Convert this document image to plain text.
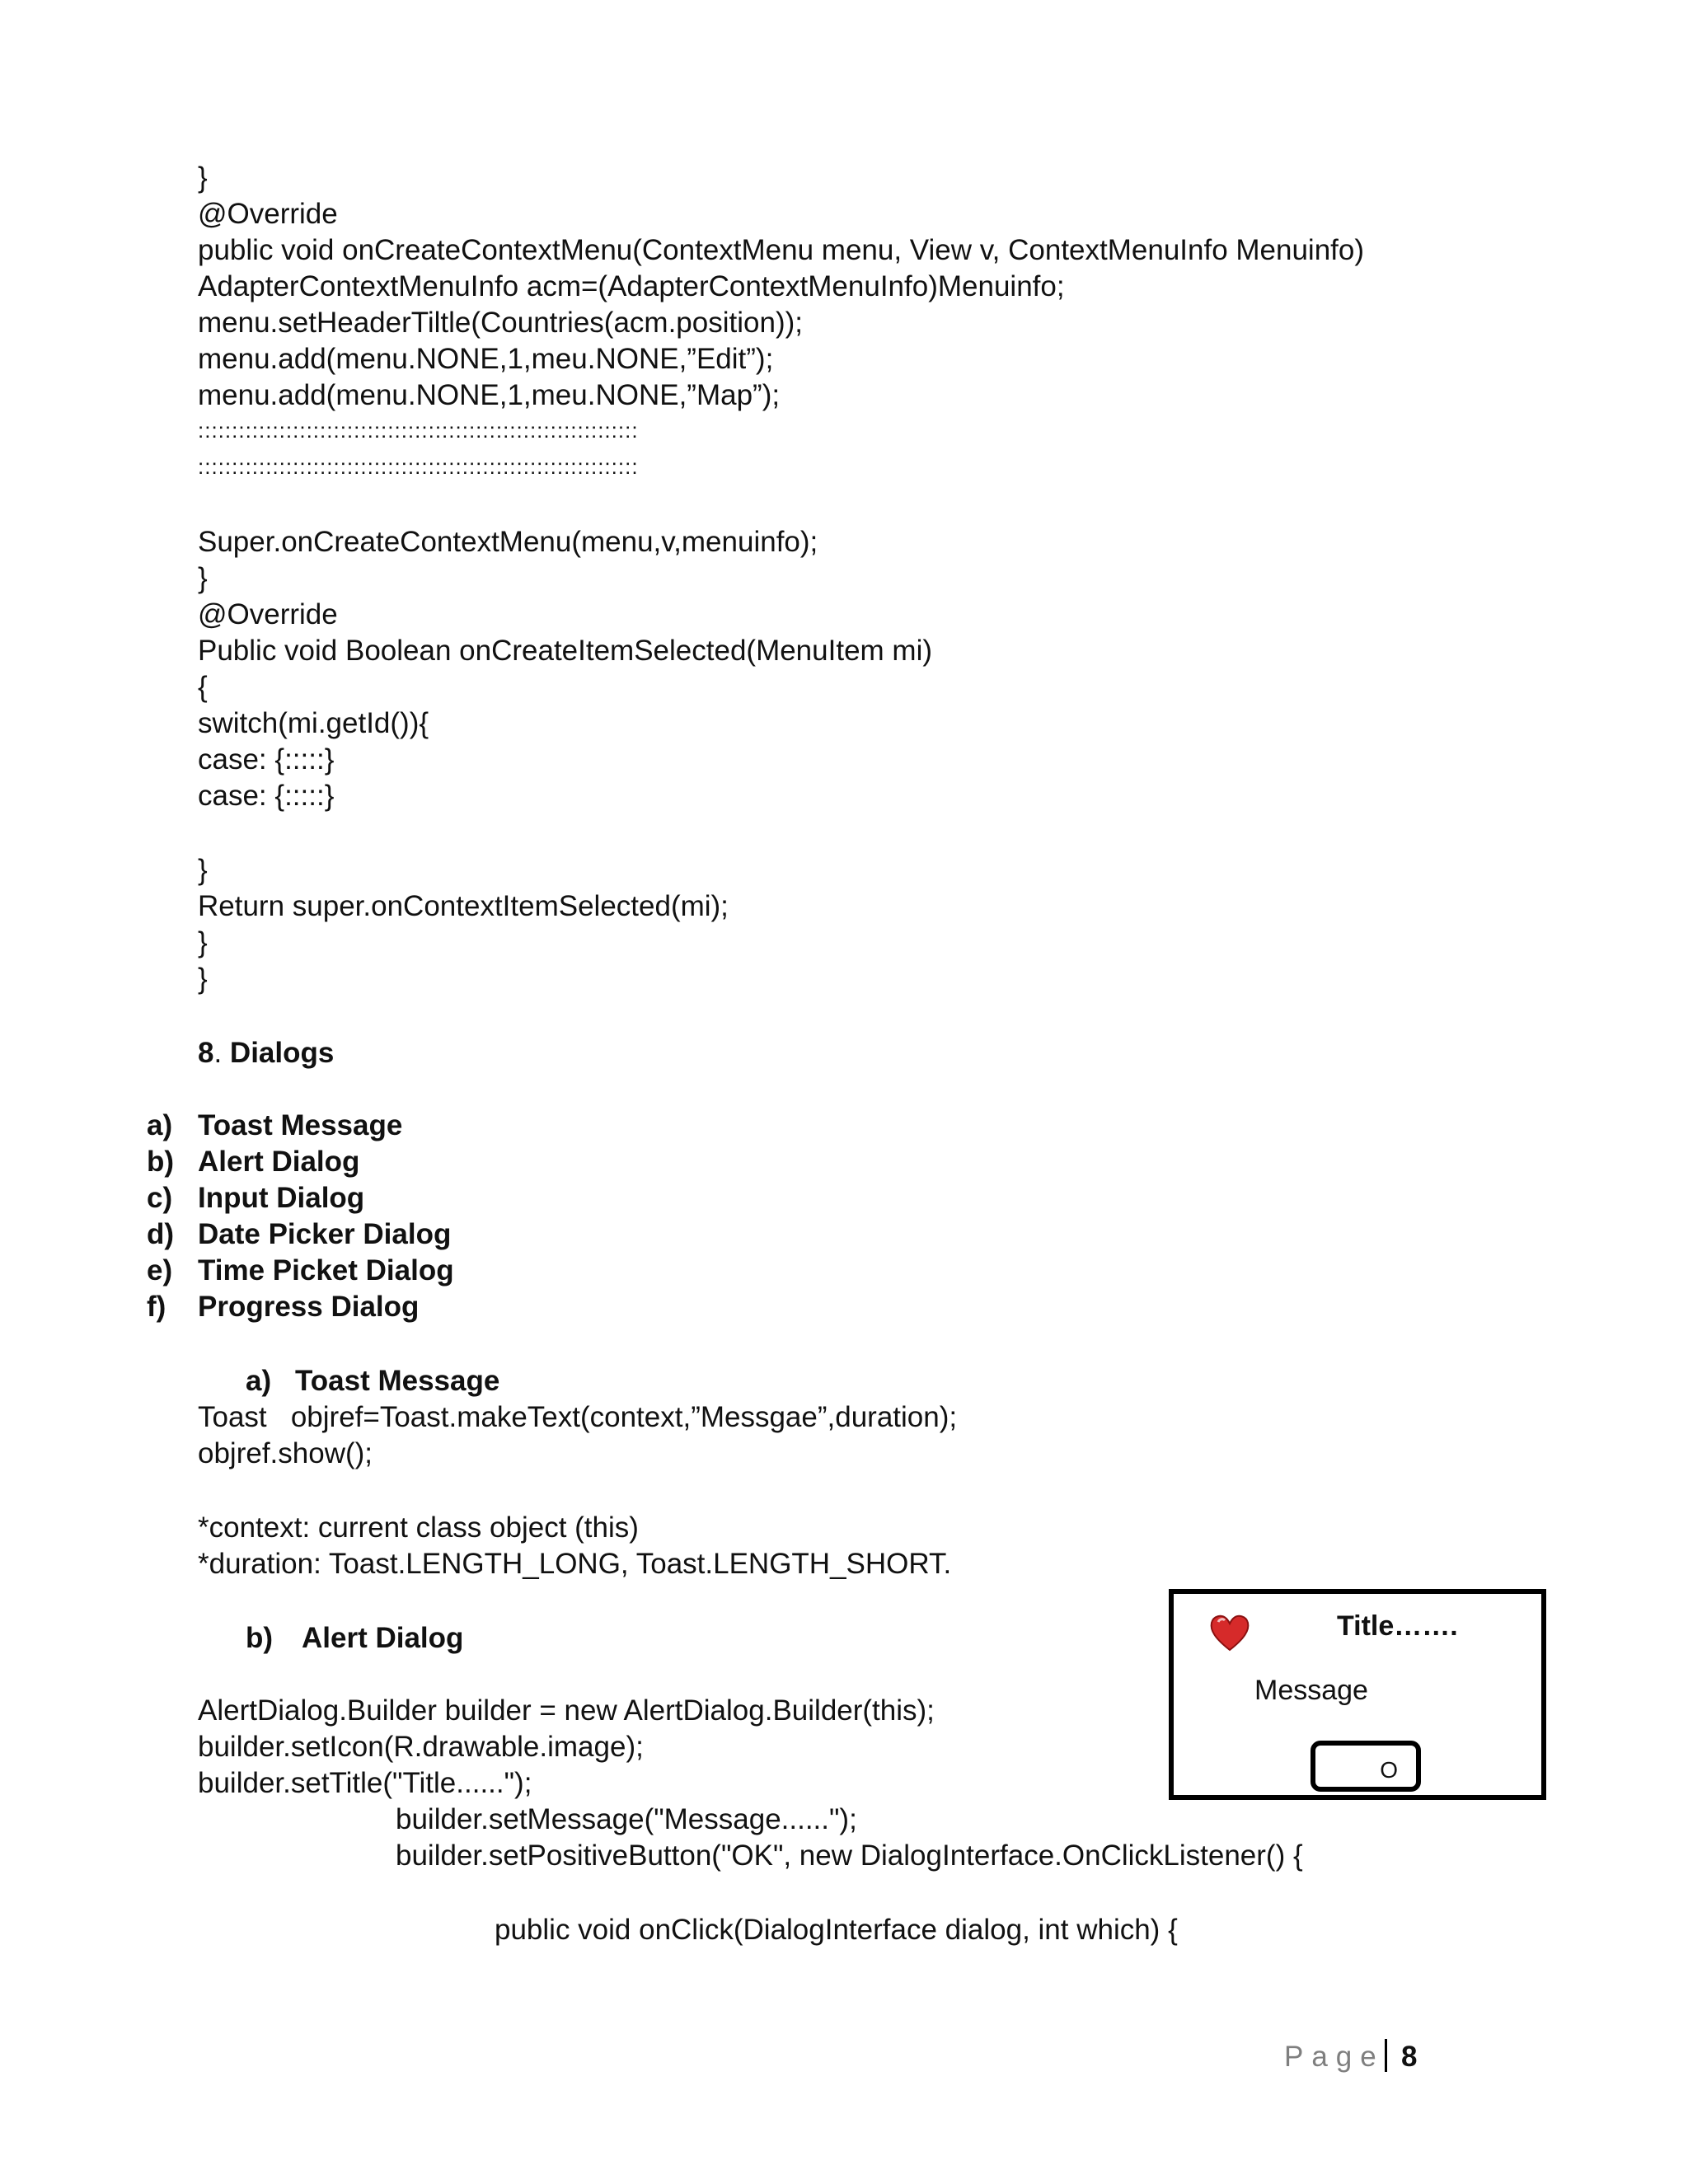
}

@Override

public void onCreateContextMenu(ContextMenu menu, View v, ContextMenuInfo Menuinfo)

AdapterContextMenuInfo acm=(AdapterContextMenuInfo)Menuinfo;

menu.setHeaderTiltle(Countries(acm.position));

menu.add(menu.NONE,1,meu.NONE,”Edit”);

menu.add(menu.NONE,1,meu.NONE,”Map”);

:::::::::::::::::::::::::::::::::::::::::::::::::::::::::::::::::

:::::::::::::::::::::::::::::::::::::::::::::::::::::::::::::::::

Super.onCreateContextMenu(menu,v,menuinfo);

}

@Override

Public void Boolean onCreateItemSelected(MenuItem mi)

{

switch(mi.getId()){

case: {:::::}

case: {:::::}

}

Return super.onContextItemSelected(mi);

}

}

8. Dialogs

a) Toast Message
b) Alert Dialog
c) Input Dialog
d) Date Picker Dialog
e) Time Picket Dialog
f) Progress Dialog
a) Toast Message

Toast   objref=Toast.makeText(context,”Messgae”,duration);

objref.show();

*context: current class object (this)

*duration: Toast.LENGTH_LONG, Toast.LENGTH_SHORT.

b) Alert Dialog

AlertDialog.Builder builder = new AlertDialog.Builder(this);

builder.setIcon(R.drawable.image);

builder.setTitle("Title......");

builder.setMessage("Message......");

builder.setPositiveButton("OK", new DialogInterface.OnClickListener() {

public void onClick(DialogInterface dialog, int which) {

Title…….
Message
O
Page 8
